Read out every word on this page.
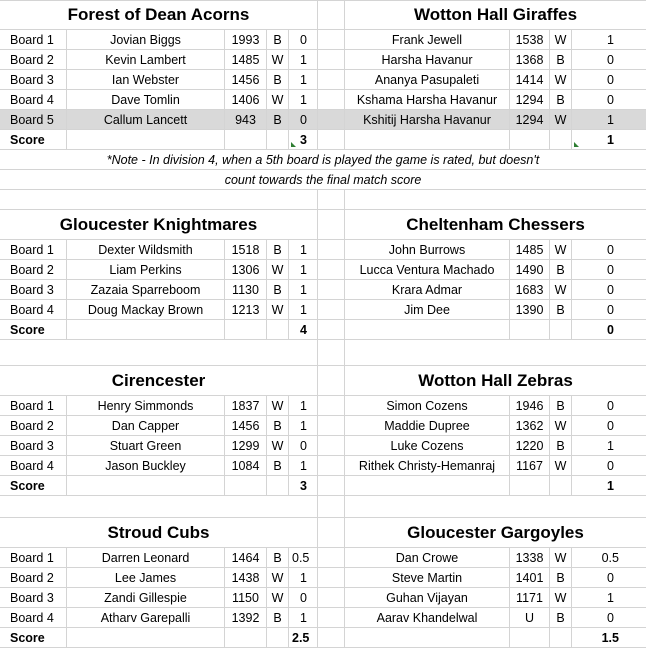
Forest of Dean Acorns	Wotton Hall Giraffes
Board 1	Jovian Biggs	1993	B	0	Frank Jewell	1538 W	1
Board 2	Kevin Lambert	1485 W	1	Harsha Havanur	1368	B	0
Board 3	Ian Webster	1456	B	1	Ananya Pasupaleti	1414 W	0
Board 4	Dave Tomlin	1406 W	1	Kshama Harsha Havanur	1294	B	0
Board 5	Callum Lancett	943	B	0	Kshitij Harsha Havanur	1294 W	1
Score	3	1
*Note - In division 4, when a 5th board is played the game is rated, but doesn't
count towards the final match score
Gloucester Knightmares	Cheltenham Chessers
Board 1	Dexter Wildsmith	1518	B	1	John Burrows	1485 W	0
Board 2	Liam Perkins	1306 W	1	Lucca Ventura Machado	1490	B	0
Board 3	Zazaia Sparreboom	1130	B	1	Krara Admar	1683 W	0
Board 4	Doug Mackay Brown	1213 W	1	Jim Dee	1390	B	0
Score	4	0
Cirencester	Wotton Hall Zebras
Board 1	Henry Simmonds	1837 W	1	Simon Cozens	1946	B	0
Board 2	Dan Capper	1456	B	1	Maddie Dupree	1362 W	0
Board 3	Stuart Green	1299 W	0	Luke Cozens	1220	B	1
Board 4	Jason Buckley	1084	B	1	Rithek Christy-Hemanraj	1167 W	0
Score	3	1
Stroud Cubs	Gloucester Gargoyles
Board 1	Darren Leonard	1464	B 0.5	Dan Crowe	1338 W	0.5
Board 2	Lee James	1438 W	1	Steve Martin	1401	B	0
Board 3	Zandi Gillespie	1150	W	0	Guhan Vijayan	1171 W	1
Board 4	Atharv Garepalli	1392	B	1	Aarav Khandelwal	U	B	0
Score	2.5	1.5
